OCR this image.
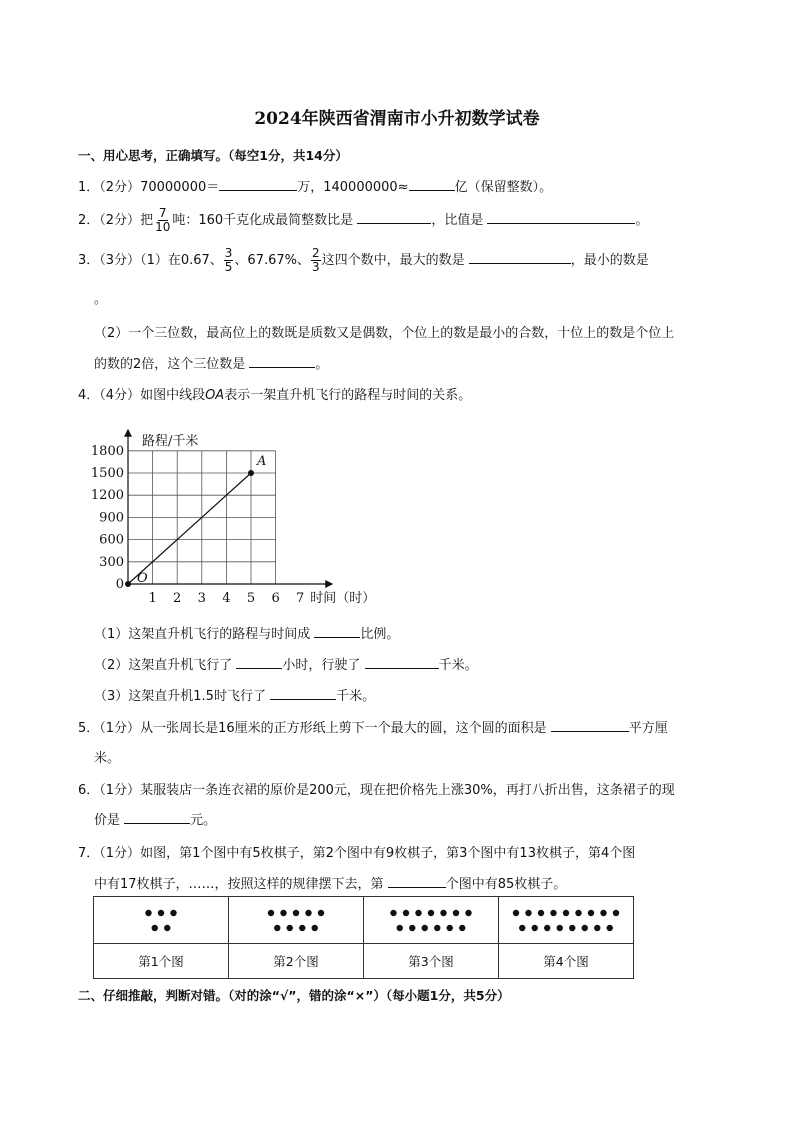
2024年陕西省渭南市小升初数学试卷
一、用心思考，正确填写。（每空1分，共14分）
1．（2分）70000000＝	万，140000000≈	亿（保留整数）。
2．（2分）把 $\frac{7}{10}$ 吨：160千克化成最简整数比是	，比值是	。
3．（3分）（1）在0.67、 $\frac{3}{5}$ 、67.67%、 $\frac{2}{3}$ 这四个数中，最大的数是	，最小的数是
。
（2）一个三位数，最高位上的数既是质数又是偶数，个位上的数是最小的合数，十位上的数是个位上
的数的2倍，这个三位数是	。
4．（4分）如图中线段OA表示一架直升机飞行的路程与时间的关系。
0
300
600
900
1200
1500
1800
1 2 3 4 5 6 7
路程/千米
时间（时）
O
A
（1）这架直升机飞行的路程与时间成	比例。
（2）这架直升机飞行了	小时，行驶了	千米。
（3）这架直升机1.5时飞行了	千米。
5．（1分）从一张周长是16厘米的正方形纸上剪下一个最大的圆，这个圆的面积是	平方厘
米。
6．（1分）某服装店一条连衣裙的原价是200元，现在把价格先上涨30%，再打八折出售，这条裙子的现
价是	元。
7．（1分）如图，第1个图中有5枚棋子，第2个图中有9枚棋子，第3个图中有13枚棋子，第4个图
中有17枚棋子，……，按照这样的规律摆下去，第	个图中有85枚棋子。

第1个图	第2个图	第3个图	第4个图
二、仔细推敲，判断对错。（对的涂“√”，错的涂“×”）（每小题1分，共5分）
